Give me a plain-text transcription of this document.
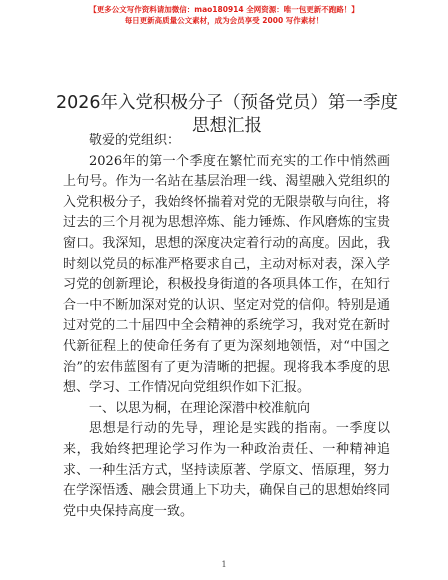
【更多公文写作资料请加微信：mao180914 全网资源：唯一包更新不跑路！】
每日更新高质量公文素材，成为会员享受 2000 写作素材！
2026年入党积极分子（预备党员）第一季度思想汇报

敬爱的党组织：

2026年的第一个季度在繁忙而充实的工作中悄然画上句号。作为一名站在基层治理一线、渴望融入党组织的入党积极分子，我始终怀揣着对党的无限崇敬与向往，将过去的三个月视为思想淬炼、能力锤炼、作风磨炼的宝贵窗口。我深知，思想的深度决定着行动的高度。因此，我时刻以党员的标准严格要求自己，主动对标对表，深入学习党的创新理论，积极投身街道的各项具体工作，在知行合一中不断加深对党的认识、坚定对党的信仰。特别是通过对党的二十届四中全会精神的系统学习，我对党在新时代新征程上的使命任务有了更为深刻地领悟，对“中国之治”的宏伟蓝图有了更为清晰的把握。现将我本季度的思想、学习、工作情况向党组织作如下汇报。

一、以思为桐，在理论深潜中校准航向

思想是行动的先导，理论是实践的指南。一季度以来，我始终把理论学习作为一种政治责任、一种精神追求、一种生活方式，坚持读原著、学原文、悟原理，努力在学深悟透、融会贯通上下功夫，确保自己的思想始终同党中央保持高度一致。

1
